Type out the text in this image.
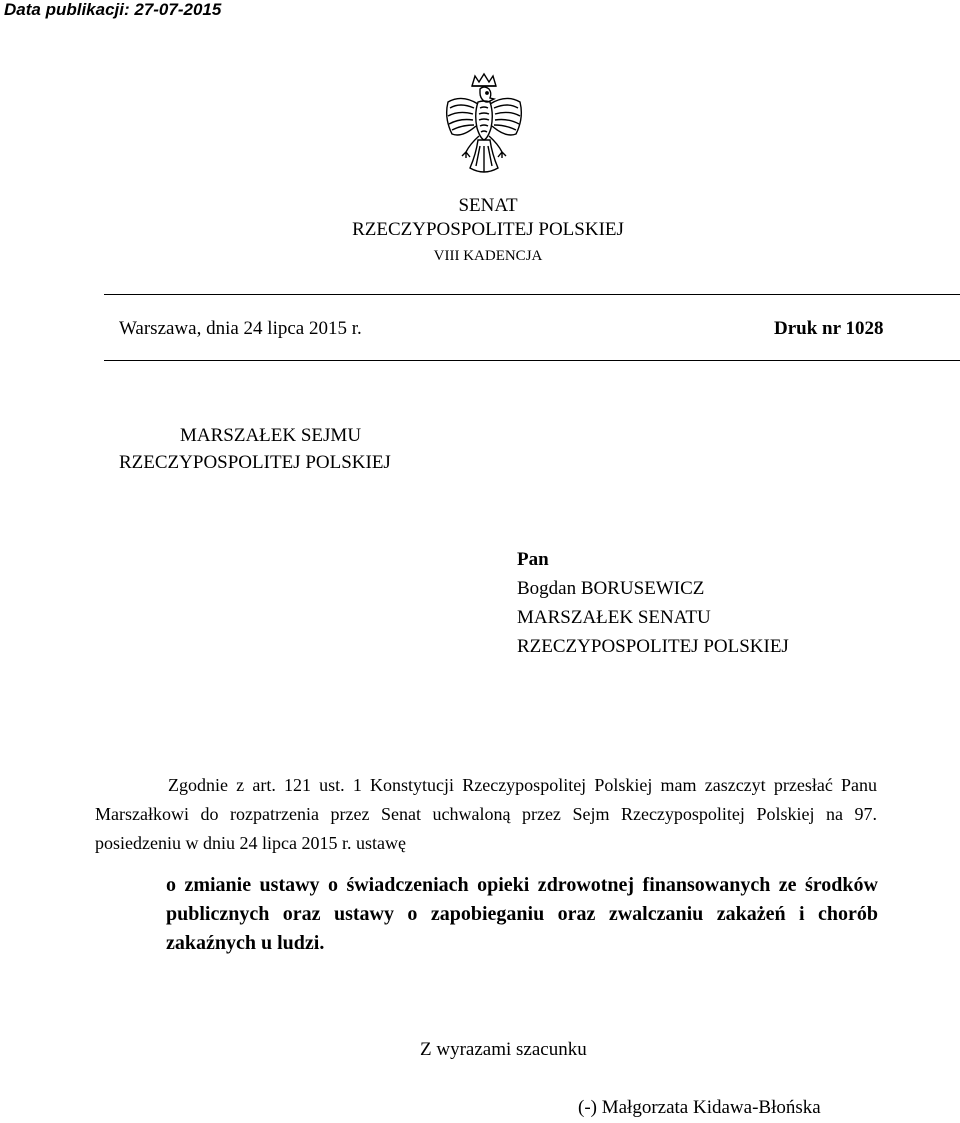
Data publikacji: 27-07-2015
SENAT
RZECZYPOSPOLITEJ POLSKIEJ
VIII KADENCJA
Warszawa, dnia 24 lipca 2015 r.	Druk nr 1028
MARSZAŁEK SEJMU
RZECZYPOSPOLITEJ POLSKIEJ
Pan
Bogdan BORUSEWICZ
MARSZAŁEK SENATU
RZECZYPOSPOLITEJ POLSKIEJ

Zgodnie z art. 121 ust. 1 Konstytucji Rzeczypospolitej Polskiej mam zaszczyt przesłać Panu Marszałkowi do rozpatrzenia przez Senat uchwaloną przez Sejm Rzeczypospolitej Polskiej na 97. posiedzeniu w dniu 24 lipca 2015 r. ustawę

o zmianie ustawy o świadczeniach opieki zdrowotnej finansowanych ze środków publicznych oraz ustawy o zapobieganiu oraz zwalczaniu zakażeń i chorób zakaźnych u ludzi.
Z wyrazami szacunku
(-) Małgorzata Kidawa-Błońska
